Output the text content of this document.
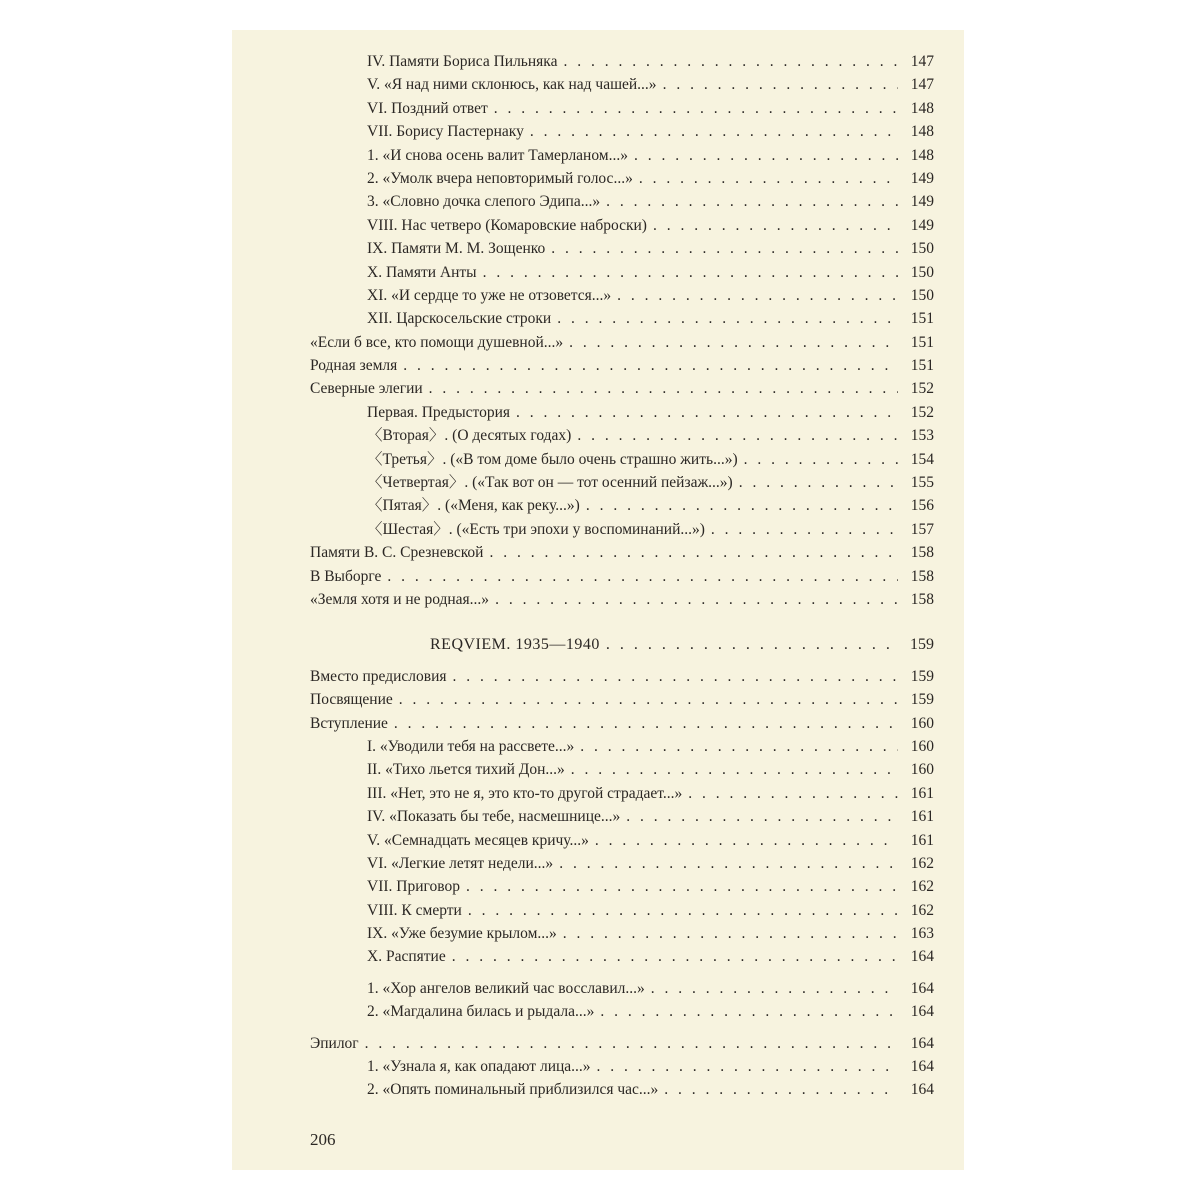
IV. Памяти Бориса Пильняка . . .	147
V. «Я над ними склонюсь, как над чашей...» . . .	147
VI. Поздний ответ . . .	148
VII. Борису Пастернаку . . .	148
1. «И снова осень валит Тамерланом...» . . .	148
2. «Умолк вчера неповторимый голос...» . . .	149
3. «Словно дочка слепого Эдипа...» . . .	149
VIII. Нас четверо (Комаровские наброски) . . .	149
IX. Памяти М. М. Зощенко . . .	150
X. Памяти Анты . . .	150
XI. «И сердце то уже не отзовется...» . . .	150
XII. Царскосельские строки . . .	151
«Если б все, кто помощи душевной...» . . .	151
Родная земля . . .	151
Северные элегии . . .	152
Первая. Предыстория . . .	152
〈Вторая〉. (О десятых годах) . . .	153
〈Третья〉. («В том доме было очень страшно жить...») . . .	154
〈Четвертая〉. («Так вот он — тот осенний пейзаж...») . . .	155
〈Пятая〉. («Меня, как реку...») . . .	156
〈Шестая〉. («Есть три эпохи у воспоминаний...») . . .	157
Памяти В. С. Срезневской . . .	158
В Выборге . . .	158
«Земля хотя и не родная...» . . .	158
REQVIEM. 1935—1940 . . .	159
Вместо предисловия . . .	159
Посвящение . . .	159
Вступление . . .	160
I. «Уводили тебя на рассвете...» . . .	160
II. «Тихо льется тихий Дон...» . . .	160
III. «Нет, это не я, это кто-то другой страдает...» . . .	161
IV. «Показать бы тебе, насмешнице...» . . .	161
V. «Семнадцать месяцев кричу...» . . .	161
VI. «Легкие летят недели...» . . .	162
VII. Приговор . . .	162
VIII. К смерти . . .	162
IX. «Уже безумие крылом...» . . .	163
X. Распятие . . .	164
1. «Хор ангелов великий час восславил...» . . .	164
2. «Магдалина билась и рыдала...» . . .	164
Эпилог . . .	164
1. «Узнала я, как опадают лица...» . . .	164
2. «Опять поминальный приблизился час...» . . .	164
206
